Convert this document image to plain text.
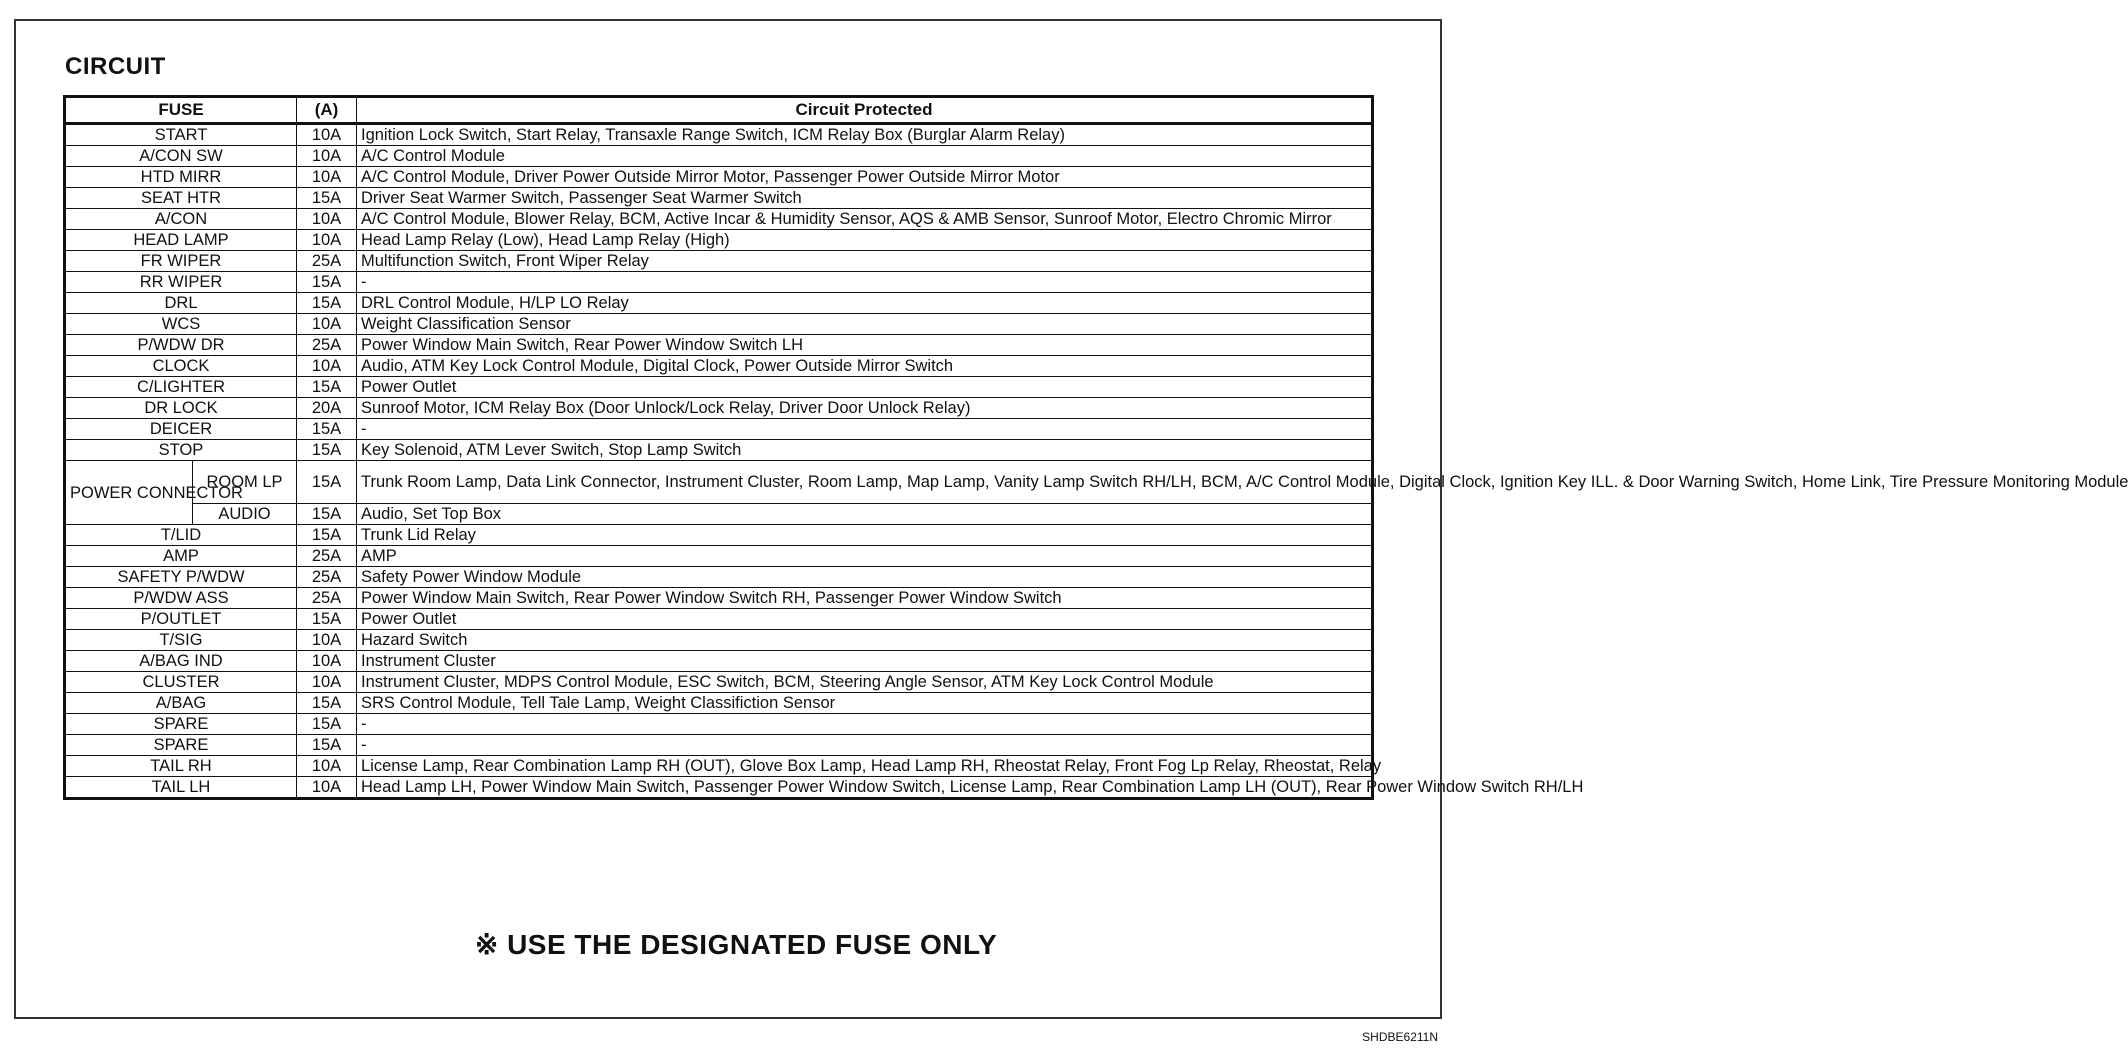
CIRCUIT
FUSE		(A)	Circuit Protected
START		10A	Ignition Lock Switch, Start Relay, Transaxle Range Switch, ICM Relay Box (Burglar Alarm Relay)
A/CON SW		10A	A/C Control Module
HTD MIRR		10A	A/C Control Module, Driver Power Outside Mirror Motor, Passenger Power Outside Mirror Motor
SEAT HTR		15A	Driver Seat Warmer Switch, Passenger Seat Warmer Switch
A/CON		10A	A/C Control Module, Blower Relay, BCM, Active Incar & Humidity Sensor, AQS & AMB Sensor, Sunroof Motor, Electro Chromic Mirror
HEAD LAMP		10A	Head Lamp Relay (Low), Head Lamp Relay (High)
FR WIPER		25A	Multifunction Switch, Front Wiper Relay
RR WIPER		15A	-
DRL		15A	DRL Control Module, H/LP LO Relay
WCS		10A	Weight Classification Sensor
P/WDW DR		25A	Power Window Main Switch, Rear Power Window Switch LH
CLOCK		10A	Audio, ATM Key Lock Control Module, Digital Clock, Power Outside Mirror Switch
C/LIGHTER		15A	Power Outlet
DR LOCK		20A	Sunroof Motor, ICM Relay Box (Door Unlock/Lock Relay, Driver Door Unlock Relay)
DEICER		15A	-
STOP		15A	Key Solenoid, ATM Lever Switch, Stop Lamp Switch
POWER CONNECTOR	ROOM LP	15A	Trunk Room Lamp, Data Link Connector, Instrument Cluster, Room Lamp, Map Lamp, Vanity Lamp Switch RH/LH, BCM, A/C Control Module, Digital Clock, Ignition Key ILL. & Door Warning Switch, Home Link, Tire Pressure Monitoring Module
	AUDIO	15A	Audio, Set Top Box
T/LID		15A	Trunk Lid Relay
AMP		25A	AMP
SAFETY P/WDW		25A	Safety Power Window Module
P/WDW ASS		25A	Power Window Main Switch, Rear Power Window Switch RH, Passenger Power Window Switch
P/OUTLET		15A	Power Outlet
T/SIG		10A	Hazard Switch
A/BAG IND		10A	Instrument Cluster
CLUSTER		10A	Instrument Cluster, MDPS Control Module, ESC Switch, BCM, Steering Angle Sensor, ATM Key Lock Control Module
A/BAG		15A	SRS Control Module, Tell Tale Lamp, Weight Classifiction Sensor
SPARE		15A	-
SPARE		15A	-
TAIL RH		10A	License Lamp, Rear Combination Lamp RH (OUT), Glove Box Lamp, Head Lamp RH, Rheostat Relay, Front Fog Lp Relay, Rheostat, Relay
TAIL LH		10A	Head Lamp LH, Power Window Main Switch, Passenger Power Window Switch, License Lamp, Rear Combination Lamp LH (OUT), Rear Power Window Switch RH/LH
※ USE THE DESIGNATED FUSE ONLY
SHDBE6211N
